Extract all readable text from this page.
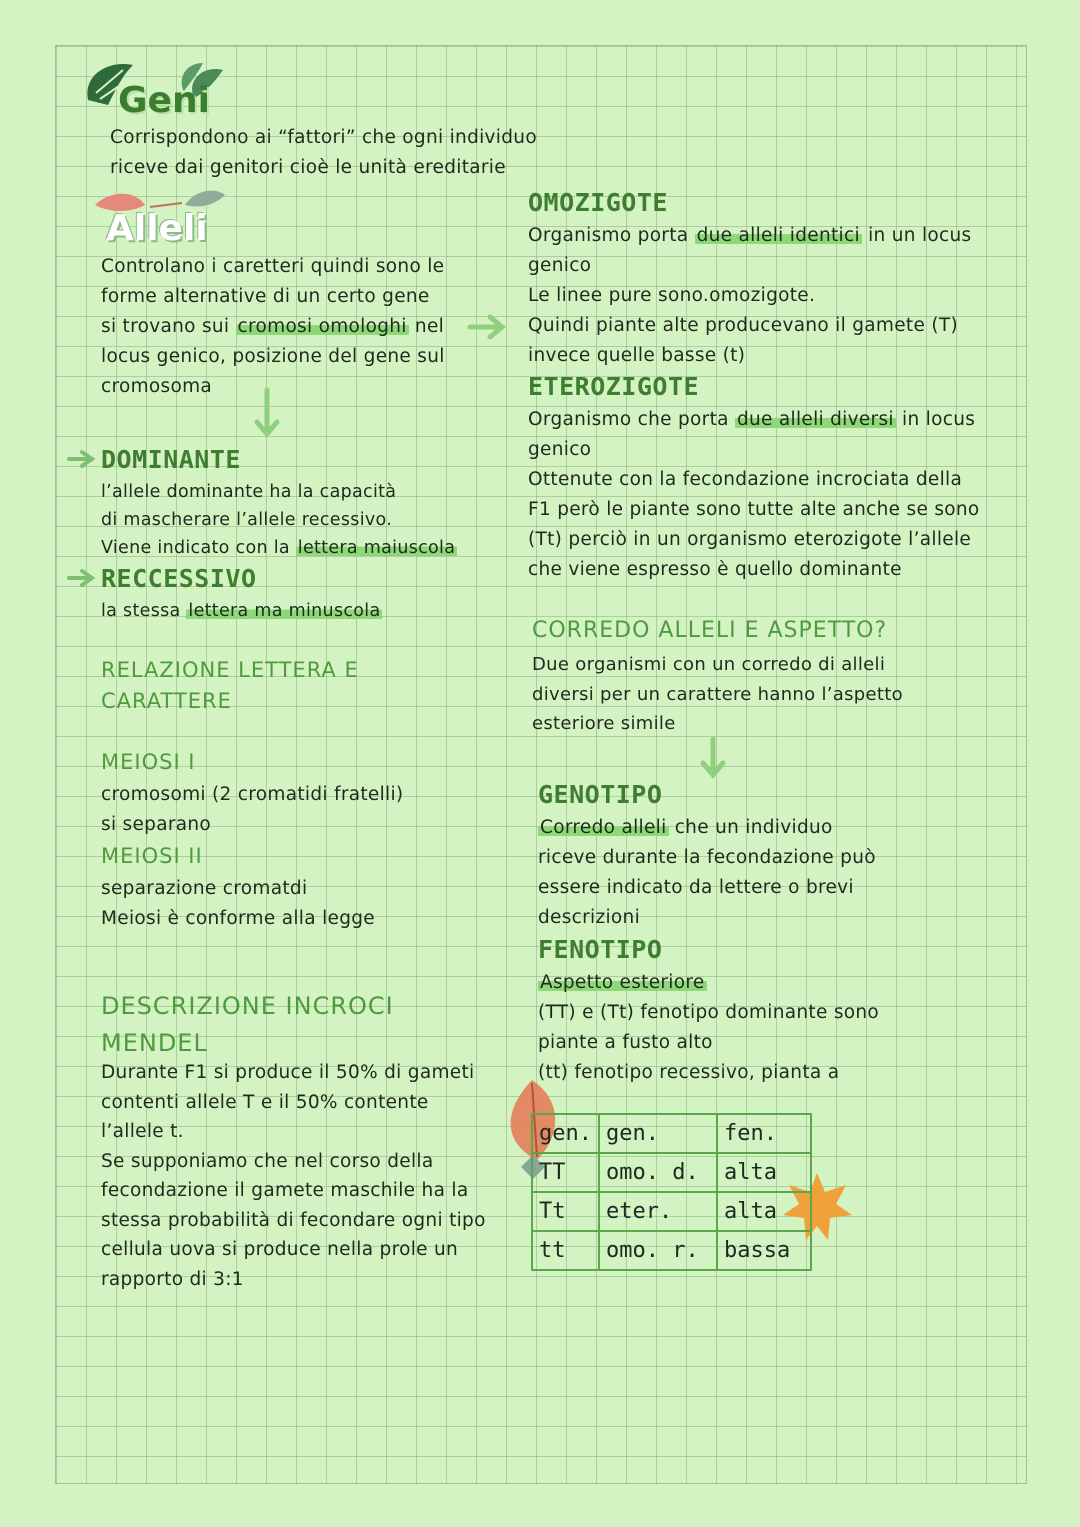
Geni

Corrispondono ai “fattori” che ogni individuo

riceve dai genitori cioè le unità ereditarie

Alleli

Controlano i caretteri quindi sono le

forme alternative di un certo gene

si trovano sui cromosi omologhi nel

locus genico, posizione del gene sul

cromosoma

DOMINANTE

l’allele dominante ha la capacità

di mascherare l’allele recessivo.

Viene indicato con la lettera maiuscola

RECCESSIVO

la stessa lettera ma minuscola

RELAZIONE LETTERA E
CARATTERE
MEIOSI I

cromosomi (2 cromatidi fratelli)

si separano

MEIOSI II

separazione cromatdi

Meiosi è conforme alla legge

DESCRIZIONE INCROCI
MENDEL

Durante F1 si produce il 50% di gameti

contenti allele T e il 50% contente

l’allele t.

Se supponiamo che nel corso della

fecondazione il gamete maschile ha la

stessa probabilità di fecondare ogni tipo

cellula uova si produce nella prole un

rapporto di 3:1

OMOZIGOTE

Organismo porta due alleli identici in un locus

genico

Le linee pure sono.omozigote.

Quindi piante alte producevano il gamete (T)

invece quelle basse (t)

ETEROZIGOTE

Organismo che porta due alleli diversi in locus

genico

Ottenute con la fecondazione incrociata della

F1 però le piante sono tutte alte anche se sono

(Tt) perciò in un organismo eterozigote l’allele

che viene espresso è quello dominante

CORREDO ALLELI E ASPETTO?

Due organismi con un corredo di alleli

diversi per un carattere hanno l’aspetto

esteriore simile

GENOTIPO

Corredo alleli che un individuo

riceve durante la fecondazione può

essere indicato da lettere o brevi

descrizioni

FENOTIPO

Aspetto esteriore

(TT) e (Tt) fenotipo dominante sono

piante a fusto alto

(tt) fenotipo recessivo, pianta a

gen.	gen.	fen.
TT	omo. d.	alta
Tt	eter.	alta
tt	omo. r.	bassa
